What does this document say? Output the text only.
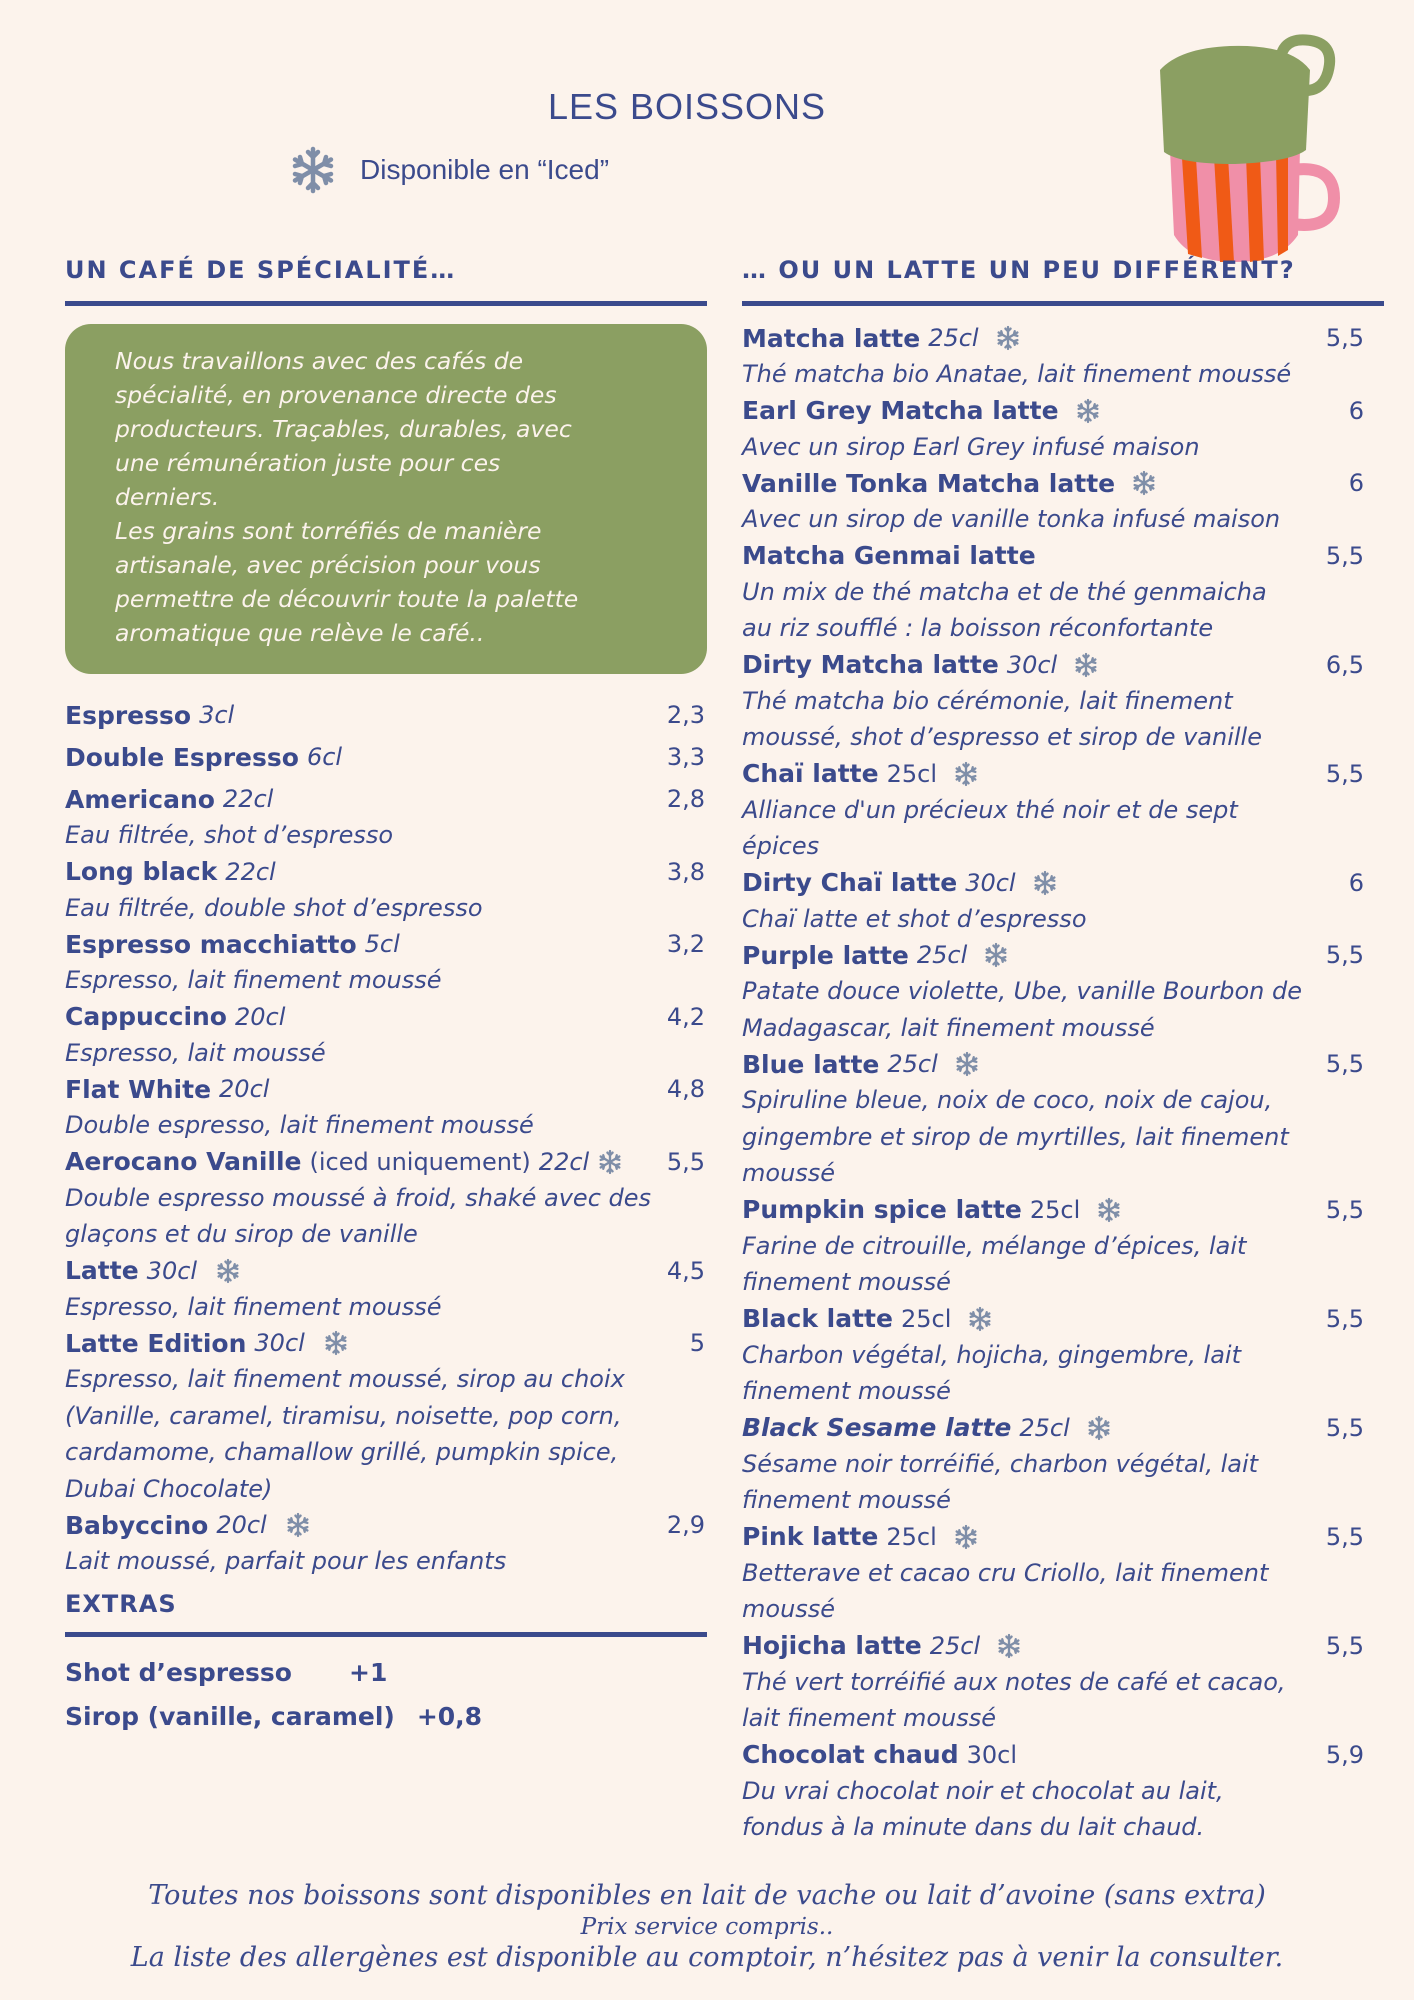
LES BOISSONS
Disponible en “Iced”
UN CAFÉ DE SPÉCIALITÉ…

Nous travaillons avec des cafés de
spécialité, en provenance directe des
producteurs. Traçables, durables, avec
une rémunération juste pour ces
derniers.
Les grains sont torréfiés de manière
artisanale, avec précision pour vous
permettre de découvrir toute la palette
aromatique que relève le café..

Espresso 3cl	2,3
Double Espresso 6cl	3,3
Americano 22cl	2,8
Eau filtrée, shot d’espresso
Long black 22cl	3,8
Eau filtrée, double shot d’espresso
Espresso macchiatto 5cl	3,2
Espresso, lait finement moussé
Cappuccino 20cl	4,2
Espresso, lait moussé
Flat White 20cl	4,8
Double espresso, lait finement moussé
Aerocano Vanille (iced uniquement) 22cl	5,5
Double espresso moussé à froid, shaké avec des
glaçons et du sirop de vanille
Latte 30cl	4,5
Espresso, lait finement moussé
Latte Edition 30cl	5
Espresso, lait finement moussé, sirop au choix
(Vanille, caramel, tiramisu, noisette, pop corn,
cardamome, chamallow grillé, pumpkin spice,
Dubai Chocolate)
Babyccino 20cl	2,9
Lait moussé, parfait pour les enfants
EXTRAS
Shot d’espresso	+1
Sirop (vanille, caramel) +0,8
… OU UN LATTE UN PEU DIFFÉRENT?
Matcha latte 25cl	5,5
Thé matcha bio Anatae, lait finement moussé
Earl Grey Matcha latte	6
Avec un sirop Earl Grey infusé maison
Vanille Tonka Matcha latte	6
Avec un sirop de vanille tonka infusé maison
Matcha Genmai latte	5,5
Un mix de thé matcha et de thé genmaicha
au riz soufflé : la boisson réconfortante
Dirty Matcha latte 30cl	6,5
Thé matcha bio cérémonie, lait finement
moussé, shot d’espresso et sirop de vanille
Chaï latte 25cl	5,5
Alliance d'un précieux thé noir et de sept
épices
Dirty Chaï latte 30cl	6
Chaï latte et shot d’espresso
Purple latte 25cl	5,5
Patate douce violette, Ube, vanille Bourbon de
Madagascar, lait finement moussé
Blue latte 25cl	5,5
Spiruline bleue, noix de coco, noix de cajou,
gingembre et sirop de myrtilles, lait finement
moussé
Pumpkin spice latte 25cl	5,5
Farine de citrouille, mélange d’épices, lait
finement moussé
Black latte 25cl	5,5
Charbon végétal, hojicha, gingembre, lait
finement moussé
Black Sesame latte 25cl	5,5
Sésame noir torréifié, charbon végétal, lait
finement moussé
Pink latte 25cl	5,5
Betterave et cacao cru Criollo, lait finement
moussé
Hojicha latte 25cl	5,5
Thé vert torréifié aux notes de café et cacao,
lait finement moussé
Chocolat chaud 30cl	5,9
Du vrai chocolat noir et chocolat au lait,
fondus à la minute dans du lait chaud.
Toutes nos boissons sont disponibles en lait de vache ou lait d’avoine (sans extra)
Prix service compris..
La liste des allergènes est disponible au comptoir, n’hésitez pas à venir la consulter.
